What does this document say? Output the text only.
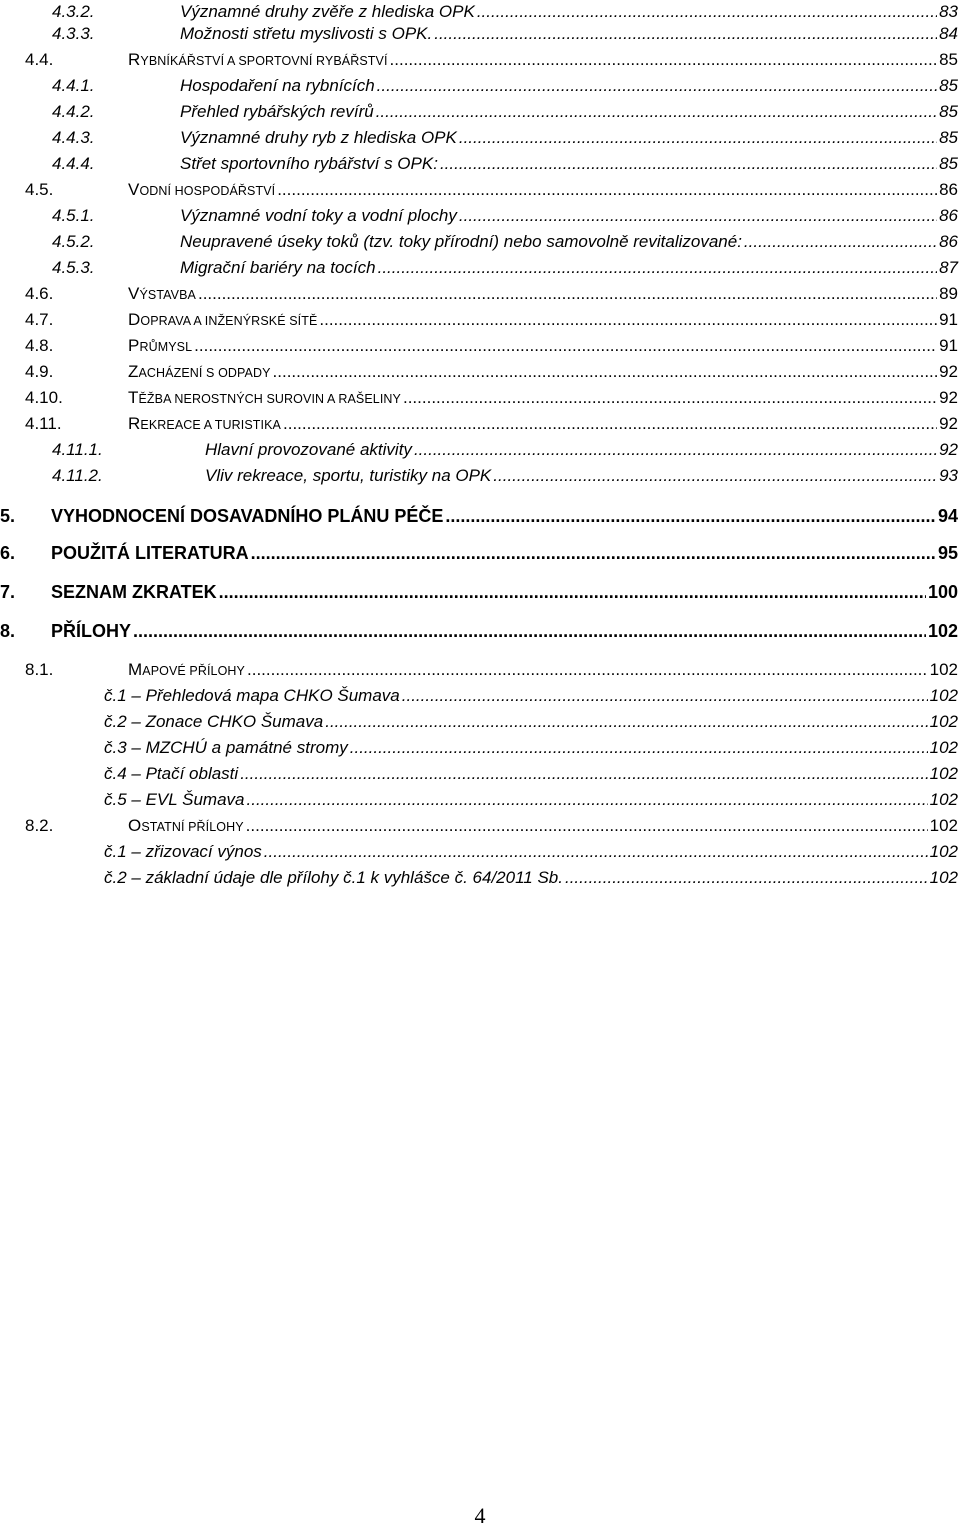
4.3.2.	Významné druhy zvěře z hlediska OPK .....	83
4.3.3.	Možnosti střetu myslivosti s OPK. .....	84
4.4.	RYBNÍKÁŘSTVÍ A SPORTOVNÍ RYBÁŘSTVÍ .....	85
4.4.1.	Hospodaření na rybnících .....	85
4.4.2.	Přehled rybářských revírů .....	85
4.4.3.	Významné druhy ryb z hlediska OPK .....	85
4.4.4.	Střet sportovního rybářství s OPK: .....	85
4.5.	VODNÍ HOSPODÁŘSTVÍ .....	86
4.5.1.	Významné vodní toky a vodní plochy .....	86
4.5.2.	Neupravené úseky toků (tzv. toky přírodní) nebo samovolně revitalizované: .....	86
4.5.3.	Migrační bariéry na tocích .....	87
4.6.	VÝSTAVBA .....	89
4.7.	DOPRAVA A INŽENÝRSKÉ SÍTĚ .....	91
4.8.	PRŮMYSL .....	91
4.9.	ZACHÁZENÍ S ODPADY .....	92
4.10.	TĚŽBA NEROSTNÝCH SUROVIN A RAŠELINY .....	92
4.11.	REKREACE A TURISTIKA .....	92
4.11.1.	Hlavní provozované aktivity .....	92
4.11.2.	Vliv rekreace, sportu, turistiky na OPK .....	93
5.	VYHODNOCENÍ DOSAVADNÍHO PLÁNU PÉČE .....	94
6.	POUŽITÁ LITERATURA .....	95
7.	SEZNAM ZKRATEK .....	100
8.	PŘÍLOHY .....	102
8.1.	MAPOVÉ PŘÍLOHY .....	102
č.1 – Přehledová mapa CHKO Šumava .....	102
č.2 – Zonace CHKO Šumava .....	102
č.3 – MZCHÚ a památné stromy .....	102
č.4 – Ptačí oblasti .....	102
č.5 – EVL Šumava .....	102
8.2.	OSTATNÍ PŘÍLOHY .....	102
č.1 – zřizovací výnos .....	102
č.2 – základní údaje dle přílohy č.1 k vyhlášce č. 64/2011 Sb. .....	102
4
